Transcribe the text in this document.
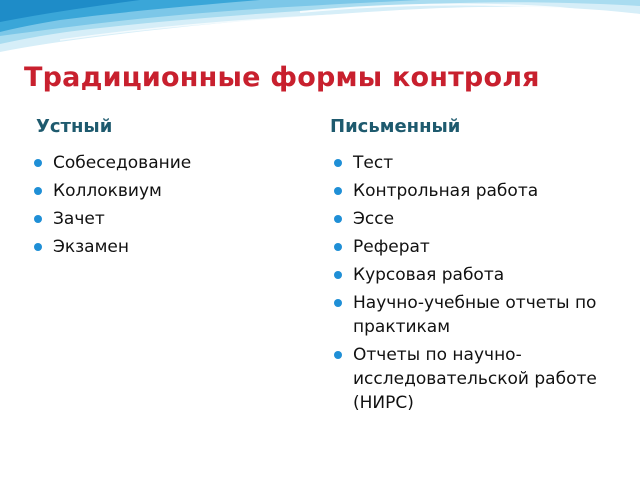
Традиционные формы контроля
Устный	Письменный
Собеседование
Коллоквиум
Зачет
Экзамен
Тест
Контрольная работа
Эссе
Реферат
Курсовая работа
Научно-учебные отчеты по практикам
Отчеты по научно-исследовательской работе (НИРС)
